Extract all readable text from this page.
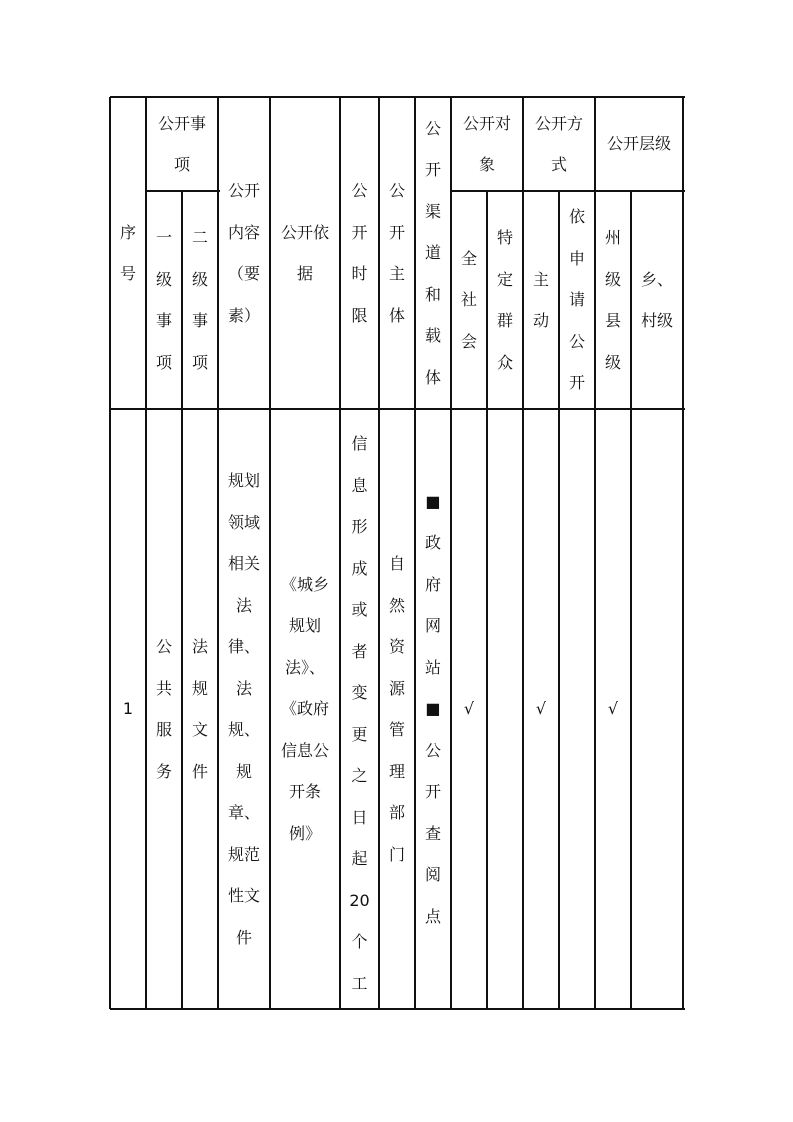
序
号
公开事项
一
级
事
项
二
级
事
项
公开内容（要素）
公开依据
公
开
时
限
公
开
主
体
公
开
渠
道
和
载
体
公开对象
全
社
会
特
定
群
众
公开方式
主
动
依
申
请
公
开
公开层级
州
级
县
级
乡、村级
1
公
共
服
务
法
规
文
件
规划领域相关法律、法规、规章、规范性文件
《城乡规划法》、《政府信息公开条例》
信
息
形
成
或
者
变
更
之
日
起
20
个
工
自
然
资
源
管
理
部
门
■
政
府
网
站
■
公
开
查
阅
点
√	√	√
